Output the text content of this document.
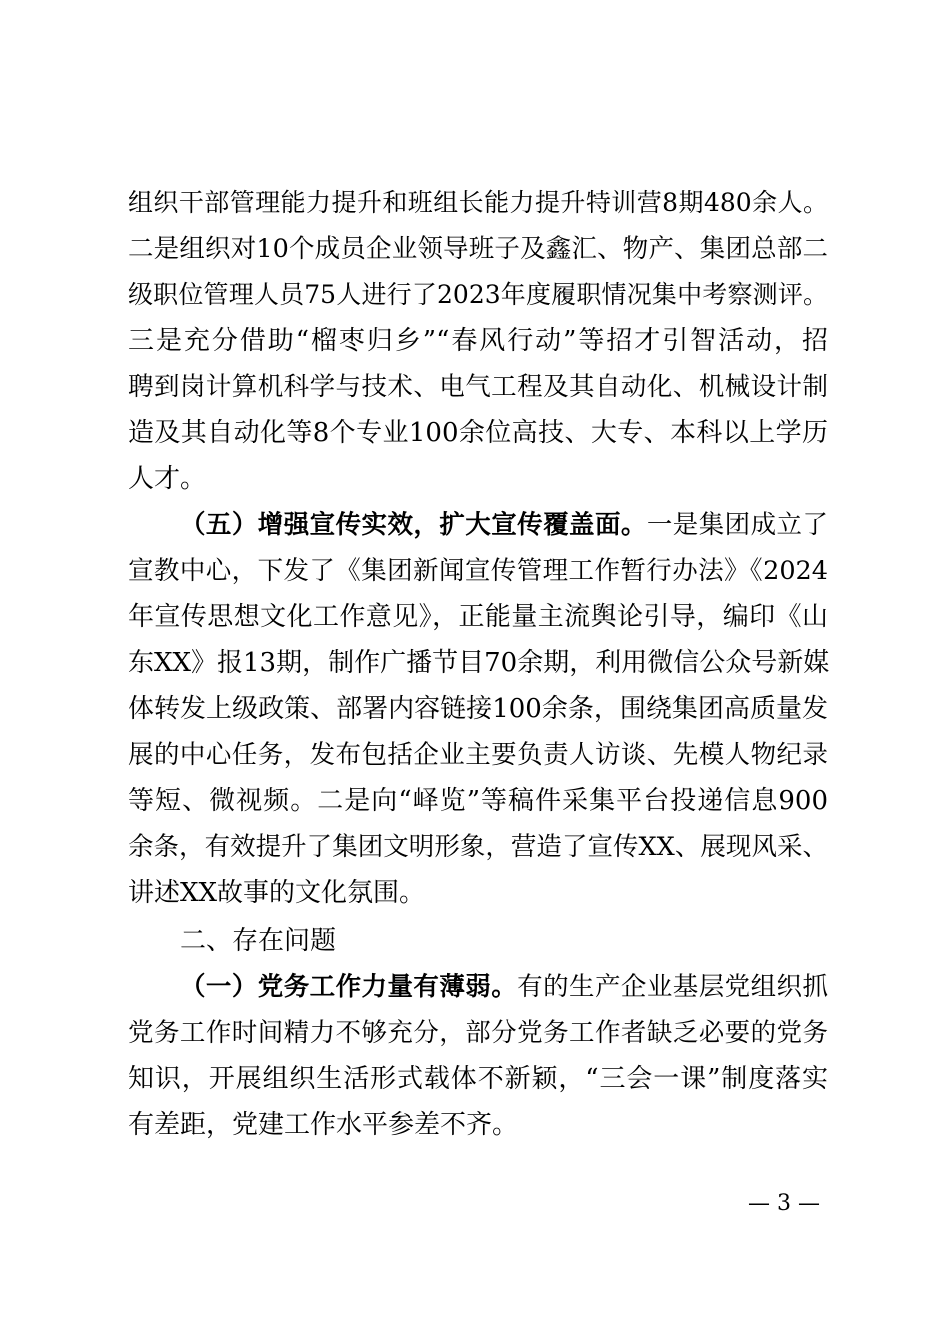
组织干部管理能力提升和班组长能力提升特训营8期480余人。
二是组织对10个成员企业领导班子及鑫汇、物产、集团总部二
级职位管理人员75人进行了2023年度履职情况集中考察测评。
三是充分借助“榴枣归乡”“春风行动”等招才引智活动，招
聘到岗计算机科学与技术、电气工程及其自动化、机械设计制
造及其自动化等8个专业100余位高技、大专、本科以上学历
人才。
（五）增强宣传实效，扩大宣传覆盖面。一是集团成立了
宣教中心，下发了《集团新闻宣传管理工作暂行办法》《2024
年宣传思想文化工作意见》，正能量主流舆论引导，编印《山
东XX》报13期，制作广播节目70余期，利用微信公众号新媒
体转发上级政策、部署内容链接100余条，围绕集团高质量发
展的中心任务，发布包括企业主要负责人访谈、先模人物纪录
等短、微视频。二是向“峄览”等稿件采集平台投递信息900
余条，有效提升了集团文明形象，营造了宣传XX、展现风采、
讲述XX故事的文化氛围。
二、存在问题
（一）党务工作力量有薄弱。有的生产企业基层党组织抓
党务工作时间精力不够充分，部分党务工作者缺乏必要的党务
知识，开展组织生活形式载体不新颖，“三会一课”制度落实
有差距，党建工作水平参差不齐。
— 3 —
